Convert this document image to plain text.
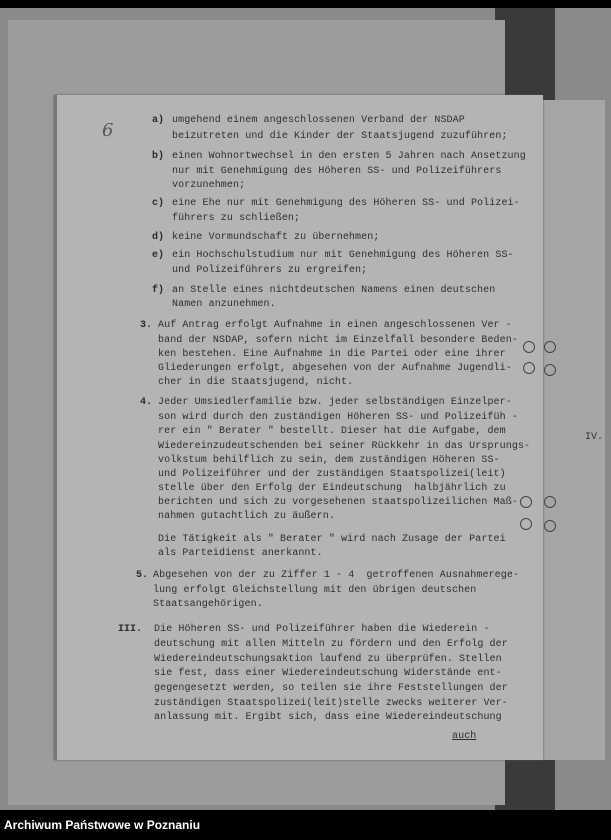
6
IV.
a) umgehend einem angeschlossenen Verband der NSDAP
beizutreten und die Kinder der Staatsjugend zuzuführen;
b) einen Wohnortwechsel in den ersten 5 Jahren nach Ansetzung
nur mit Genehmigung des Höheren SS- und Polizeiführers
vorzunehmen;
c) eine Ehe nur mit Genehmigung des Höheren SS- und Polizei-
führers zu schließen;
d) keine Vormundschaft zu übernehmen;
e) ein Hochschulstudium nur mit Genehmigung des Höheren SS-
und Polizeiführers zu ergreifen;
f) an Stelle eines nichtdeutschen Namens einen deutschen
Namen anzunehmen.
3. Auf Antrag erfolgt Aufnahme in einen angeschlossenen Ver -
band der NSDAP, sofern nicht im Einzelfall besondere Beden-
ken bestehen. Eine Aufnahme in die Partei oder eine ihrer
Gliederungen erfolgt, abgesehen von der Aufnahme Jugendli-
cher in die Staatsjugend, nicht.
4. Jeder Umsiedlerfamilie bzw. jeder selbständigen Einzelper-
son wird durch den zuständigen Höheren SS- und Polizeifüh -
rer ein " Berater " bestellt. Dieser hat die Aufgabe, dem
Wiedereinzudeutschenden bei seiner Rückkehr in das Ursprungs-
volkstum behilflich zu sein, dem zuständigen Höheren SS-
und Polizeiführer und der zuständigen Staatspolizei(leit)
stelle über den Erfolg der Eindeutschung  halbjährlich zu
berichten und sich zu vorgesehenen staatspolizeilichen Maß-
nahmen gutachtlich zu äußern.
Die Tätigkeit als " Berater " wird nach Zusage der Partei
als Parteidienst anerkannt.
5. Abgesehen von der zu Ziffer 1 - 4  getroffenen Ausnahmerege-
lung erfolgt Gleichstellung mit den übrigen deutschen
Staatsangehörigen.
III. Die Höheren SS- und Polizeiführer haben die Wiederein -
deutschung mit allen Mitteln zu fördern und den Erfolg der
Wiedereindeutschungsaktion laufend zu überprüfen. Stellen
sie fest, dass einer Wiedereindeutschung Widerstände ent-
gegengesetzt werden, so teilen sie ihre Feststellungen der
zuständigen Staatspolizei(leit)stelle zwecks weiterer Ver-
anlassung mit. Ergibt sich, dass eine Wiedereindeutschung
auch
Archiwum Państwowe w Poznaniu
